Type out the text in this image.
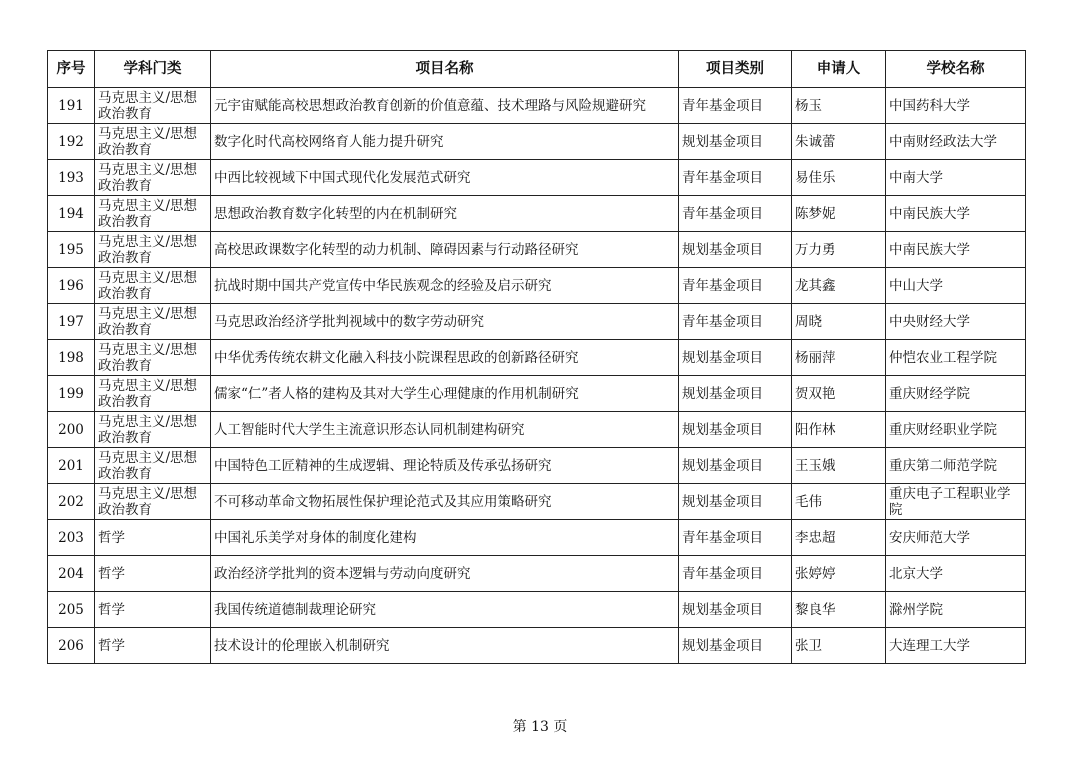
序号	学科门类	项目名称	项目类别	申请人	学校名称
191	马克思主义/思想政治教育	元宇宙赋能高校思想政治教育创新的价值意蕴、技术理路与风险规避研究	青年基金项目	杨玉	中国药科大学
192	马克思主义/思想政治教育	数字化时代高校网络育人能力提升研究	规划基金项目	朱诚蕾	中南财经政法大学
193	马克思主义/思想政治教育	中西比较视域下中国式现代化发展范式研究	青年基金项目	易佳乐	中南大学
194	马克思主义/思想政治教育	思想政治教育数字化转型的内在机制研究	青年基金项目	陈梦妮	中南民族大学
195	马克思主义/思想政治教育	高校思政课数字化转型的动力机制、障碍因素与行动路径研究	规划基金项目	万力勇	中南民族大学
196	马克思主义/思想政治教育	抗战时期中国共产党宣传中华民族观念的经验及启示研究	青年基金项目	龙其鑫	中山大学
197	马克思主义/思想政治教育	马克思政治经济学批判视域中的数字劳动研究	青年基金项目	周晓	中央财经大学
198	马克思主义/思想政治教育	中华优秀传统农耕文化融入科技小院课程思政的创新路径研究	规划基金项目	杨丽萍	仲恺农业工程学院
199	马克思主义/思想政治教育	儒家“仁”者人格的建构及其对大学生心理健康的作用机制研究	规划基金项目	贺双艳	重庆财经学院
200	马克思主义/思想政治教育	人工智能时代大学生主流意识形态认同机制建构研究	规划基金项目	阳作林	重庆财经职业学院
201	马克思主义/思想政治教育	中国特色工匠精神的生成逻辑、理论特质及传承弘扬研究	规划基金项目	王玉娥	重庆第二师范学院
202	马克思主义/思想政治教育	不可移动革命文物拓展性保护理论范式及其应用策略研究	规划基金项目	毛伟	重庆电子工程职业学院
203	哲学	中国礼乐美学对身体的制度化建构	青年基金项目	李忠超	安庆师范大学
204	哲学	政治经济学批判的资本逻辑与劳动向度研究	青年基金项目	张婷婷	北京大学
205	哲学	我国传统道德制裁理论研究	规划基金项目	黎良华	滁州学院
206	哲学	技术设计的伦理嵌入机制研究	规划基金项目	张卫	大连理工大学
第 13 页
